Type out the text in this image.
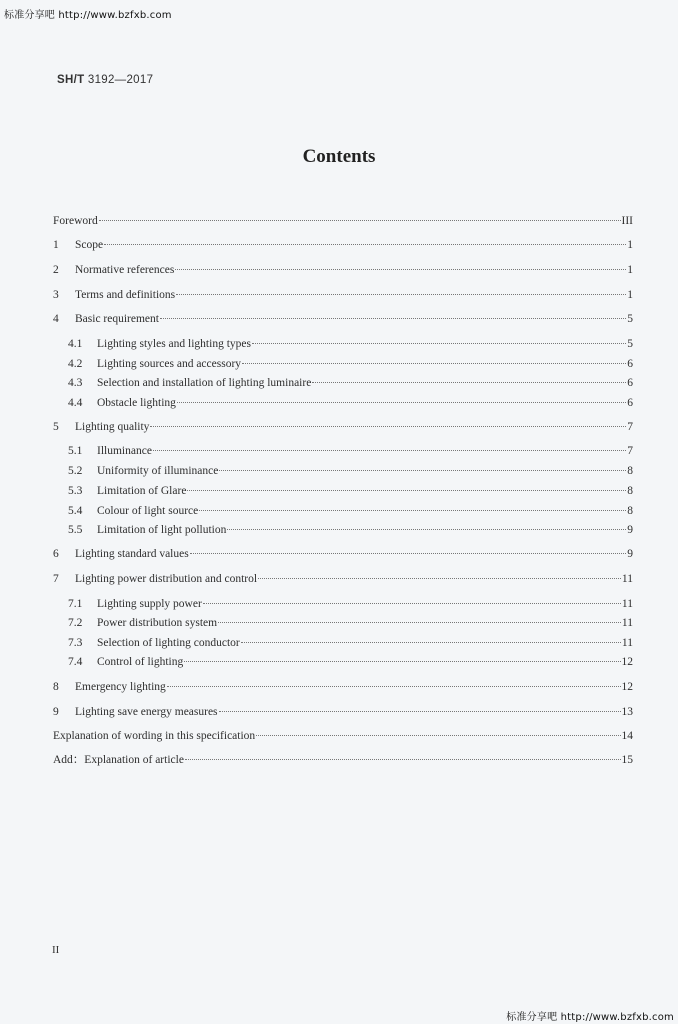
标准分享吧 http://www.bzfxb.com
SH/T 3192—2017
Contents
Foreword	III
1	Scope	1
2	Normative references	1
3	Terms and definitions	1
4	Basic requirement	5
4.1	Lighting styles and lighting types	5
4.2	Lighting sources and accessory	6
4.3	Selection and installation of lighting luminaire	6
4.4	Obstacle lighting	6
5	Lighting quality	7
5.1	Illuminance	7
5.2	Uniformity of illuminance	8
5.3	Limitation of Glare	8
5.4	Colour of light source	8
5.5	Limitation of light pollution	9
6	Lighting standard values	9
7	Lighting power distribution and control	11
7.1	Lighting supply power	11
7.2	Power distribution system	11
7.3	Selection of lighting conductor	11
7.4	Control of lighting	12
8	Emergency lighting	12
9	Lighting save energy measures	13
Explanation of wording in this specification	14
Add：Explanation of article	15
II
标准分享吧 http://www.bzfxb.com
